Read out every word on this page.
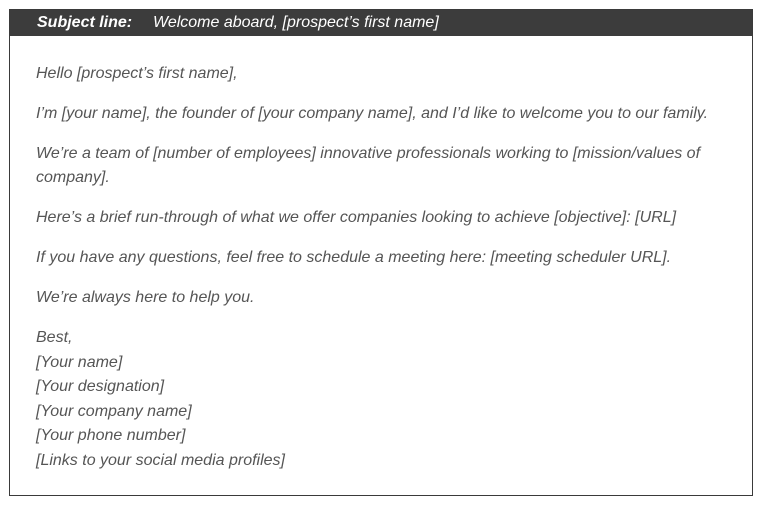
Subject line:	Welcome aboard, [prospect’s first name]

Hello [prospect’s first name],

I’m [your name], the founder of [your company name], and I’d like to welcome you to our family.

We’re a team of [number of employees] innovative professionals working to [mission/values of company].

Here’s a brief run-through of what we offer companies looking to achieve [objective]: [URL]

If you have any questions, feel free to schedule a meeting here: [meeting scheduler URL].

We’re always here to help you.

Best,
[Your name]
[Your designation]
[Your company name]
[Your phone number]
[Links to your social media profiles]
